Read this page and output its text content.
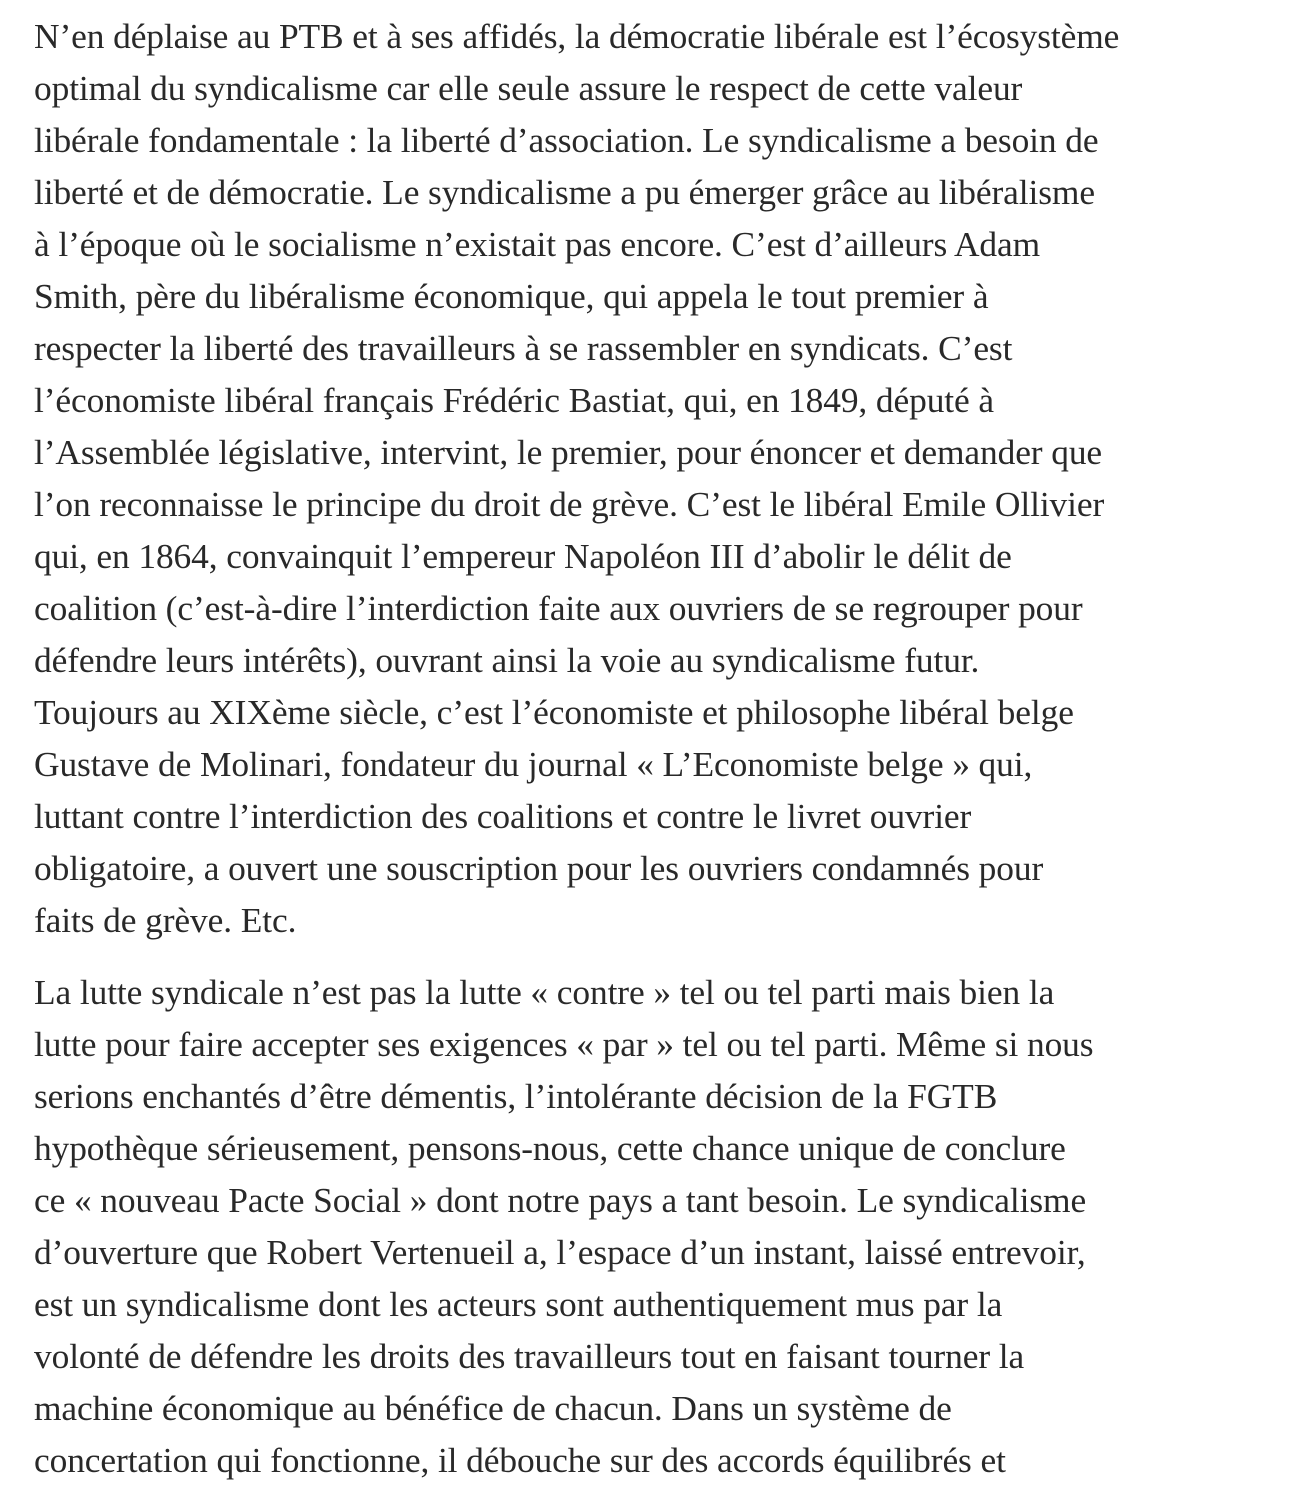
N’en déplaise au PTB et à ses affidés, la démocratie libérale est l’écosystème
optimal du syndicalisme car elle seule assure le respect de cette valeur
libérale fondamentale : la liberté d’association. Le syndicalisme a besoin de
liberté et de démocratie. Le syndicalisme a pu émerger grâce au libéralisme
à l’époque où le socialisme n’existait pas encore. C’est d’ailleurs Adam
Smith, père du libéralisme économique, qui appela le tout premier à
respecter la liberté des travailleurs à se rassembler en syndicats. C’est
l’économiste libéral français Frédéric Bastiat, qui, en 1849, député à
l’Assemblée législative, intervint, le premier, pour énoncer et demander que
l’on reconnaisse le principe du droit de grève. C’est le libéral Emile Ollivier
qui, en 1864, convainquit l’empereur Napoléon III d’abolir le délit de
coalition (c’est-à-dire l’interdiction faite aux ouvriers de se regrouper pour
défendre leurs intérêts), ouvrant ainsi la voie au syndicalisme futur.
Toujours au XIXème siècle, c’est l’économiste et philosophe libéral belge
Gustave de Molinari, fondateur du journal « L’Economiste belge » qui,
luttant contre l’interdiction des coalitions et contre le livret ouvrier
obligatoire, a ouvert une souscription pour les ouvriers condamnés pour
faits de grève. Etc.

La lutte syndicale n’est pas la lutte « contre » tel ou tel parti mais bien la
lutte pour faire accepter ses exigences « par » tel ou tel parti. Même si nous
serions enchantés d’être démentis, l’intolérante décision de la FGTB
hypothèque sérieusement, pensons-nous, cette chance unique de conclure
ce « nouveau Pacte Social » dont notre pays a tant besoin. Le syndicalisme
d’ouverture que Robert Vertenueil a, l’espace d’un instant, laissé entrevoir,
est un syndicalisme dont les acteurs sont authentiquement mus par la
volonté de défendre les droits des travailleurs tout en faisant tourner la
machine économique au bénéfice de chacun. Dans un système de
concertation qui fonctionne, il débouche sur des accords équilibrés et
